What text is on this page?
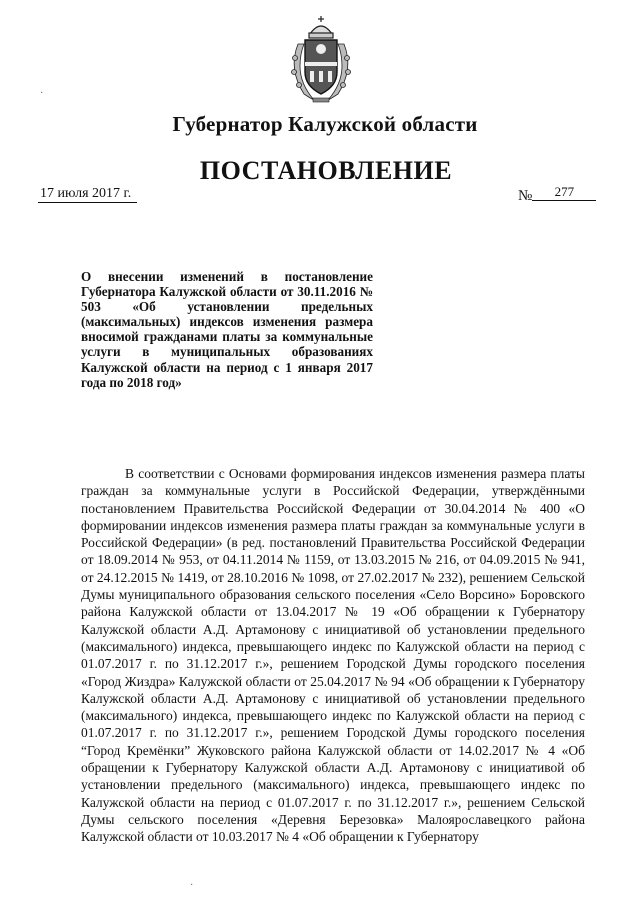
Губернатор Калужской области
ПОСТАНОВЛЕНИЕ
17 июля 2017 г.	№ 277
О внесении изменений в постановление Губернатора Калужской области от 30.11.2016 № 503 «Об установлении предельных (максимальных) индексов изменения размера вносимой гражданами платы за коммунальные услуги в муниципальных образованиях Калужской области на период с 1 января 2017 года по 2018 год»

В соответствии с Основами формирования индексов изменения размера платы граждан за коммунальные услуги в Российской Федерации, утверждёнными постановлением Правительства Российской Федерации от 30.04.2014 № 400 «О формировании индексов изменения размера платы граждан за коммунальные услуги в Российской Федерации» (в ред. постановлений Правительства Российской Федерации от 18.09.2014 № 953, от 04.11.2014 № 1159, от 13.03.2015 № 216, от 04.09.2015 № 941, от 24.12.2015 № 1419, от 28.10.2016 № 1098, от 27.02.2017 № 232), решением Сельской Думы муниципального образования сельского поселения «Село Ворсино» Боровского района Калужской области от 13.04.2017 № 19 «Об обращении к Губернатору Калужской области А.Д. Артамонову с инициативой об установлении предельного (максимального) индекса, превышающего индекс по Калужской области на период с 01.07.2017 г. по 31.12.2017 г.», решением Городской Думы городского поселения «Город Жиздра» Калужской области от 25.04.2017 № 94 «Об обращении к Губернатору Калужской области А.Д. Артамонову с инициативой об установлении предельного (максимального) индекса, превышающего индекс по Калужской области на период с 01.07.2017 г. по 31.12.2017 г.», решением Городской Думы городского поселения “Город Кремёнки” Жуковского района Калужской области от 14.02.2017 № 4 «Об обращении к Губернатору Калужской области А.Д. Артамонову с инициативой об установлении предельного (максимального) индекса, превышающего индекс по Калужской области на период с 01.07.2017 г. по 31.12.2017 г.», решением Сельской Думы сельского поселения «Деревня Березовка» Малоярославецкого района Калужской области от 10.03.2017 № 4 «Об обращении к Губернатору

·
·
